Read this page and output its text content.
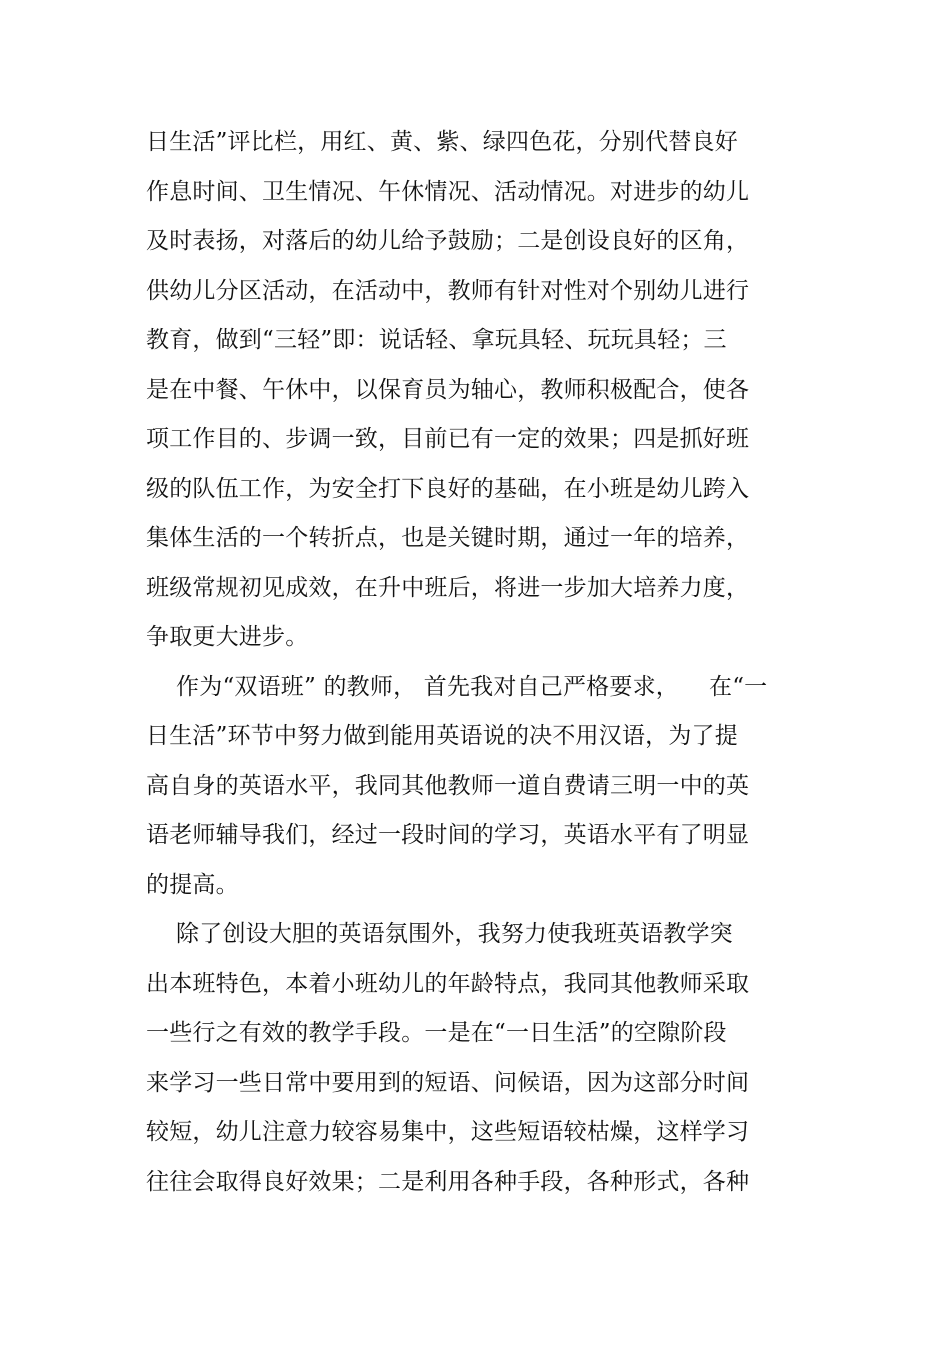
日生活”评比栏，用红、黄、紫、绿四色花，分别代替良好
作息时间、卫生情况、午休情况、活动情况。对进步的幼儿
及时表扬，对落后的幼儿给予鼓励；二是创设良好的区角，
供幼儿分区活动，在活动中，教师有针对性对个别幼儿进行
教育，做到“三轻”即：说话轻、拿玩具轻、玩玩具轻；三
是在中餐、午休中，以保育员为轴心，教师积极配合，使各
项工作目的、步调一致，目前已有一定的效果；四是抓好班
级的队伍工作，为安全打下良好的基础，在小班是幼儿跨入
集体生活的一个转折点，也是关键时期，通过一年的培养，
班级常规初见成效，在升中班后，将进一步加大培养力度，
争取更大进步。
作为“双语班” 的教师， 首先我对自己严格要求，    在“一
日生活”环节中努力做到能用英语说的决不用汉语，为了提
高自身的英语水平，我同其他教师一道自费请三明一中的英
语老师辅导我们，经过一段时间的学习，英语水平有了明显
的提高。
除了创设大胆的英语氛围外，我努力使我班英语教学突
出本班特色，本着小班幼儿的年龄特点，我同其他教师采取
一些行之有效的教学手段。一是在“一日生活”的空隙阶段
来学习一些日常中要用到的短语、问候语，因为这部分时间
较短，幼儿注意力较容易集中，这些短语较枯燥，这样学习
往往会取得良好效果；二是利用各种手段，各种形式，各种
